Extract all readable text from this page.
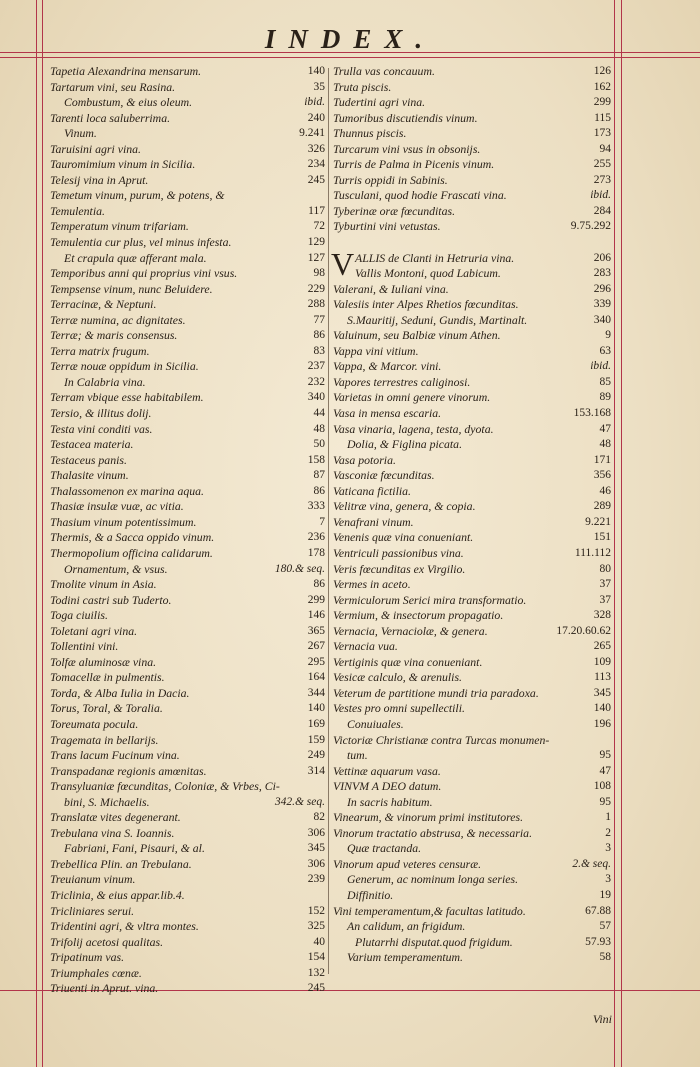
INDEX.
Tapetia Alexandrina mensarum.	140
Tartarum vini, seu Rasina.	35
Combustum, & eius oleum.	ibid.
Tarenti loca saluberrima.	240
Vinum.	9.241
Taruisini agri vina.	326
Tauromimium vinum in Sicilia.	234
Telesij vina in Aprut.	245
Temetum vinum, purum, & potens, &
Temulentia.	117
Temperatum vinum trifariam.	72
Temulentia cur plus, vel minus infesta.	129
Et crapula quæ afferant mala.	127
Temporibus anni qui proprius vini vsus.	98
Tempsense vinum, nunc Beluidere.	229
Terracinæ, & Neptuni.	288
Terræ numina, ac dignitates.	77
Terræ; & maris consensus.	86
Terra matrix frugum.	83
Terræ nouæ oppidum in Sicilia.	237
In Calabria vina.	232
Terram vbique esse habitabilem.	340
Tersio, & illitus dolij.	44
Testa vini conditi vas.	48
Testacea materia.	50
Testaceus panis.	158
Thalasite vinum.	87
Thalassomenon ex marina aqua.	86
Thasiæ insulæ vuæ, ac vitia.	333
Thasium vinum potentissimum.	7
Thermis, & a Sacca oppido vinum.	236
Thermopolium officina calidarum.	178
Ornamentum, & vsus.	180.& seq.
Tmolite vinum in Asia.	86
Todini castri sub Tuderto.	299
Toga ciuilis.	146
Toletani agri vina.	365
Tollentini vini.	267
Tolfæ aluminosæ vina.	295
Tomacellæ in pulmentis.	164
Torda, & Alba Iulia in Dacia.	344
Torus, Toral, & Toralia.	140
Toreumata pocula.	169
Tragemata in bellarijs.	159
Trans lacum Fucinum vina.	249
Transpadanæ regionis amœnitas.	314
Transyluaniæ fœcunditas, Coloniæ, & Vrbes, Ci-
bini, S. Michaelis.	342.& seq.
Translatæ vites degenerant.	82
Trebulana vina S. Ioannis.	306
Fabriani, Fani, Pisauri, & al.	345
Trebellica Plin. an Trebulana.	306
Treuianum vinum.	239
Triclinia, & eius appar.lib.4.
Tricliniares serui.	152
Tridentini agri, & vltra montes.	325
Trifolij acetosi qualitas.	40
Tripatinum vas.	154
Triumphales cœnæ.	132
Triuenti in Aprut. vina.	245
Trulla vas concauum.	126
Truta piscis.	162
Tudertini agri vina.	299
Tumoribus discutiendis vinum.	115
Thunnus piscis.	173
Turcarum vini vsus in obsonijs.	94
Turris de Palma in Picenis vinum.	255
Turris oppidi in Sabinis.	273
Tusculani, quod hodie Frascati vina.	ibid.
Tyberinæ oræ fœcunditas.	284
Tyburtini vini vetustas.	9.75.292
V ALLIS de Clanti in Hetruria vina.	206
Vallis Montoni, quod Labicum.	283
Valerani, & Iuliani vina.	296
Valesiis inter Alpes Rhetios fœcunditas.	339
S.Mauritij, Seduni, Gundis, Martinalt.	340
Valuinum, seu Balbiæ vinum Athen.	9
Vappa vini vitium.	63
Vappa, & Marcor. vini.	ibid.
Vapores terrestres caliginosi.	85
Varietas in omni genere vinorum.	89
Vasa in mensa escaria.	153.168
Vasa vinaria, lagena, testa, dyota.	47
Dolia, & Figlina picata.	48
Vasa potoria.	171
Vasconiæ fœcunditas.	356
Vaticana fictilia.	46
Velitræ vina, genera, & copia.	289
Venafrani vinum.	9.221
Venenis quæ vina conueniant.	151
Ventriculi passionibus vina.	111.112
Veris fœcunditas ex Virgilio.	80
Vermes in aceto.	37
Vermiculorum Serici mira transformatio.	37
Vermium, & insectorum propagatio.	328
Vernacia, Vernaciolæ, & genera.	17.20.60.62
Vernacia vua.	265
Vertiginis quæ vina conueniant.	109
Vesicæ calculo, & arenulis.	113
Veterum de partitione mundi tria paradoxa.	345
Vestes pro omni supellectili.	140
Conuiuales.	196
Victoriæ Christianæ contra Turcas monumen-
tum.	95
Vettinæ aquarum vasa.	47
VINVM A DEO datum.	108
In sacris habitum.	95
Vinearum, & vinorum primi institutores.	1
Vinorum tractatio abstrusa, & necessaria.	2
Quæ tractanda.	3
Vinorum apud veteres censuræ.	2.& seq.
Generum, ac nominum longa series.	3
Diffinitio.	19
Vini temperamentum,& facultas latitudo.	67.88
An calidum, an frigidum.	57
Plutarrhi disputat.quod frigidum.	57.93
Varium temperamentum.	58
Vini
